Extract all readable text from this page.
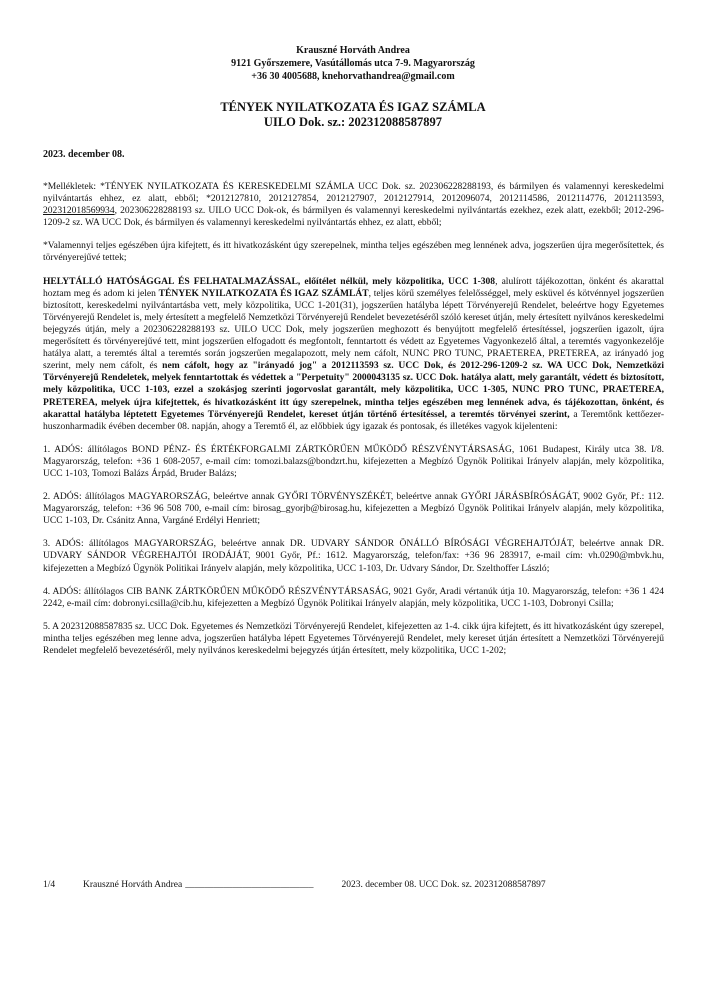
Krauszné Horváth Andrea
9121 Győrszemere, Vasútállomás utca 7-9. Magyarország
+36 30 4005688, knehorvathandrea@gmail.com
TÉNYEK NYILATKOZATA ÉS IGAZ SZÁMLA
UILO Dok. sz.: 202312088587897
2023. december 08.

*Mellékletek: *TÉNYEK NYILATKOZATA ÉS KERESKEDELMI SZÁMLA UCC Dok. sz. 202306228288193, és bármilyen és valamennyi kereskedelmi nyilvántartás ehhez, ez alatt, ebből; *2012127810, 2012127854, 2012127907, 2012127914, 2012096074, 2012114586, 2012114776, 2012113593, 202312018569934, 202306228288193 sz. UILO UCC Dok-ok, és bármilyen és valamennyi kereskedelmi nyilvántartás ezekhez, ezek alatt, ezekből; 2012-296-1209-2 sz. WA UCC Dok, és bármilyen és valamennyi kereskedelmi nyilvántartás ehhez, ez alatt, ebből;

*Valamennyi teljes egészében újra kifejtett, és itt hivatkozásként úgy szerepelnek, mintha teljes egészében meg lennének adva, jogszerűen újra megerősítettek, és törvényerejűvé tettek;

HELYTÁLLÓ HATÓSÁGGAL ÉS FELHATALMAZÁSSAL, előítélet nélkül, mely közpolitika, UCC 1-308, alulírott tájékozottan, önként és akarattal hoztam meg és adom ki jelen TÉNYEK NYILATKOZATA ÉS IGAZ SZÁMLÁT, teljes körű személyes felelősséggel, mely esküvel és kötvénnyel jogszerűen biztosított, kereskedelmi nyilvántartásba vett, mely közpolitika, UCC 1-201(31), jogszerűen hatályba lépett Törvényerejű Rendelet, beleértve hogy Egyetemes Törvényerejű Rendelet is, mely értesített a megfelelő Nemzetközi Törvényerejű Rendelet bevezetéséről szóló kereset útján, mely értesített nyilvános kereskedelmi bejegyzés útján, mely a 202306228288193 sz. UILO UCC Dok, mely jogszerűen meghozott és benyújtott megfelelő értesítéssel, jogszerűen igazolt, újra megerősített és törvényerejűvé tett, mint jogszerűen elfogadott és megfontolt, fenntartott és védett az Egyetemes Vagyonkezelő által, a teremtés vagyonkezelője hatálya alatt, a teremtés által a teremtés során jogszerűen megalapozott, mely nem cáfolt, NUNC PRO TUNC, PRAETEREA, PRETEREA, az irányadó jog szerint, mely nem cáfolt, és nem cáfolt, hogy az "irányadó jog" a 2012113593 sz. UCC Dok, és 2012-296-1209-2 sz. WA UCC Dok, Nemzetközi Törvényerejű Rendeletek, melyek fenntartottak és védettek a "Perpetuity" 2000043135 sz. UCC Dok. hatálya alatt, mely garantált, védett és biztosított, mely közpolitika, UCC 1-103, ezzel a szokásjog szerinti jogorvoslat garantált, mely közpolitika, UCC 1-305, NUNC PRO TUNC, PRAETEREA, PRETEREA, melyek újra kifejtettek, és hivatkozásként itt úgy szerepelnek, mintha teljes egészében meg lennének adva, és tájékozottan, önként, és akarattal hatályba léptetett Egyetemes Törvényerejű Rendelet, kereset útján történő értesítéssel, a teremtés törvényei szerint, a Teremtőnk kettőezer-huszonharmadik évében december 08. napján, ahogy a Teremtő él, az előbbiek úgy igazak és pontosak, és illetékes vagyok kijelenteni:

1. ADÓS: állítólagos BOND PÉNZ- ÉS ÉRTÉKFORGALMI ZÁRTKÖRŰEN MŰKÖDŐ RÉSZVÉNYTÁRSASÁG, 1061 Budapest, Király utca 38. I/8. Magyarország, telefon: +36 1 608-2057, e-mail cím: tomozi.balazs@bondzrt.hu, kifejezetten a Megbízó Ügynök Politikai Irányelv alapján, mely közpolitika, UCC 1-103, Tomozi Balázs Árpád, Bruder Balázs;

2. ADÓS: állítólagos MAGYARORSZÁG, beleértve annak GYŐRI TÖRVÉNYSZÉKÉT, beleértve annak GYŐRI JÁRÁSBÍRÓSÁGÁT, 9002 Győr, Pf.: 112. Magyarország, telefon: +36 96 508 700, e-mail cím: birosag_gyorjb@birosag.hu, kifejezetten a Megbízó Ügynök Politikai Irányelv alapján, mely közpolitika, UCC 1-103, Dr. Csánitz Anna, Vargáné Erdélyi Henriett;

3. ADÓS: állítólagos MAGYARORSZÁG, beleértve annak DR. UDVARY SÁNDOR ÖNÁLLÓ BÍRÓSÁGI VÉGREHAJTÓJÁT, beleértve annak DR. UDVARY SÁNDOR VÉGREHAJTÓI IRODÁJÁT, 9001 Győr, Pf.: 1612. Magyarország, telefon/fax: +36 96 283917, e-mail cím: vh.0290@mbvk.hu, kifejezetten a Megbízó Ügynök Politikai Irányelv alapján, mely közpolitika, UCC 1-103, Dr. Udvary Sándor, Dr. Szelthoffer László;

4. ADÓS: állítólagos CIB BANK ZÁRTKÖRŰEN MŰKÖDŐ RÉSZVÉNYTÁRSASÁG, 9021 Győr, Aradi vértanúk útja 10. Magyarország, telefon: +36 1 424 2242, e-mail cím: dobronyi.csilla@cib.hu, kifejezetten a Megbízó Ügynök Politikai Irányelv alapján, mely közpolitika, UCC 1-103, Dobronyi Csilla;

5. A 202312088587835 sz. UCC Dok. Egyetemes és Nemzetközi Törvényerejű Rendelet, kifejezetten az 1-4. cikk újra kifejtett, és itt hivatkozásként úgy szerepel, mintha teljes egészében meg lenne adva, jogszerűen hatályba lépett Egyetemes Törvényerejű Rendelet, mely kereset útján értesített a Nemzetközi Törvényerejű Rendelet megfelelő bevezetéséről, mely nyilvános kereskedelmi bejegyzés útján értesített, mely közpolitika, UCC 1-202;

1/4	Krauszné Horváth Andrea ___________________________	2023. december 08. UCC Dok. sz. 202312088587897
